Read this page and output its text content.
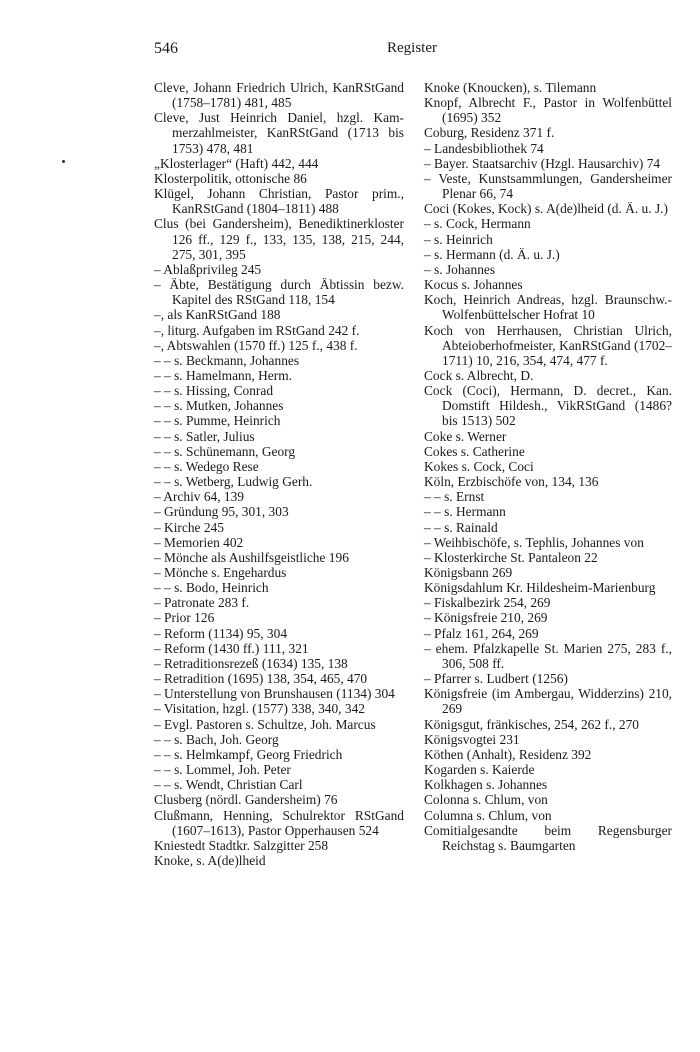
546	Register
Cleve, Johann Friedrich Ulrich, KanRStGand (1758–1781) 481, 485
Cleve, Just Heinrich Daniel, hzgl. Kammerzahlmeister, KanRStGand (1713 bis 1753) 478, 481
„Klosterlager“ (Haft) 442, 444
Klosterpolitik, ottonische 86
Klügel, Johann Christian, Pastor prim., KanRStGand (1804–1811) 488
Clus (bei Gandersheim), Benediktinerkloster 126 ff., 129 f., 133, 135, 138, 215, 244, 275, 301, 395
– Ablaßprivileg 245
– Äbte, Bestätigung durch Äbtissin bezw. Kapitel des RStGand 118, 154
–, als KanRStGand 188
–, liturg. Aufgaben im RStGand 242 f.
–, Abtswahlen (1570 ff.) 125 f., 438 f.
– – s. Beckmann, Johannes
– – s. Hamelmann, Herm.
– – s. Hissing, Conrad
– – s. Mutken, Johannes
– – s. Pumme, Heinrich
– – s. Satler, Julius
– – s. Schünemann, Georg
– – s. Wedego Rese
– – s. Wetberg, Ludwig Gerh.
– Archiv 64, 139
– Gründung 95, 301, 303
– Kirche 245
– Memorien 402
– Mönche als Aushilfsgeistliche 196
– Mönche s. Engehardus
– – s. Bodo, Heinrich
– Patronate 283 f.
– Prior 126
– Reform (1134) 95, 304
– Reform (1430 ff.) 111, 321
– Retraditionsrezeß (1634) 135, 138
– Retradition (1695) 138, 354, 465, 470
– Unterstellung von Brunshausen (1134) 304
– Visitation, hzgl. (1577) 338, 340, 342
– Evgl. Pastoren s. Schultze, Joh. Marcus
– – s. Bach, Joh. Georg
– – s. Helmkampf, Georg Friedrich
– – s. Lommel, Joh. Peter
– – s. Wendt, Christian Carl
Clusberg (nördl. Gandersheim) 76
Clußmann, Henning, Schulrektor RStGand (1607–1613), Pastor Opperhausen 524
Kniestedt Stadtkr. Salzgitter 258
Knoke, s. A(de)lheid
Knoke (Knoucken), s. Tilemann
Knopf, Albrecht F., Pastor in Wolfenbüttel (1695) 352
Coburg, Residenz 371 f.
– Landesbibliothek 74
– Bayer. Staatsarchiv (Hzgl. Hausarchiv) 74
– Veste, Kunstsammlungen, Gandersheimer Plenar 66, 74
Coci (Kokes, Kock) s. A(de)lheid (d. Ä. u. J.)
– s. Cock, Hermann
– s. Heinrich
– s. Hermann (d. Ä. u. J.)
– s. Johannes
Kocus s. Johannes
Koch, Heinrich Andreas, hzgl. Braunschw.-Wolfenbüttelscher Hofrat 10
Koch von Herrhausen, Christian Ulrich, Abteioberhofmeister, KanRStGand (1702–1711) 10, 216, 354, 474, 477 f.
Cock s. Albrecht, D.
Cock (Coci), Hermann, D. decret., Kan. Domstift Hildesh., VikRStGand (1486? bis 1513) 502
Coke s. Werner
Cokes s. Catherine
Kokes s. Cock, Coci
Köln, Erzbischöfe von, 134, 136
– – s. Ernst
– – s. Hermann
– – s. Rainald
– Weihbischöfe, s. Tephlis, Johannes von
– Klosterkirche St. Pantaleon 22
Königsbann 269
Königsdahlum Kr. Hildesheim-Marienburg
– Fiskalbezirk 254, 269
– Königsfreie 210, 269
– Pfalz 161, 264, 269
– ehem. Pfalzkapelle St. Marien 275, 283 f., 306, 508 ff.
– Pfarrer s. Ludbert (1256)
Königsfreie (im Ambergau, Widderzins) 210, 269
Königsgut, fränkisches, 254, 262 f., 270
Königsvogtei 231
Köthen (Anhalt), Residenz 392
Kogarden s. Kaierde
Kolkhagen s. Johannes
Colonna s. Chlum, von
Columna s. Chlum, von
Comitialgesandte beim Regensburger Reichstag s. Baumgarten
